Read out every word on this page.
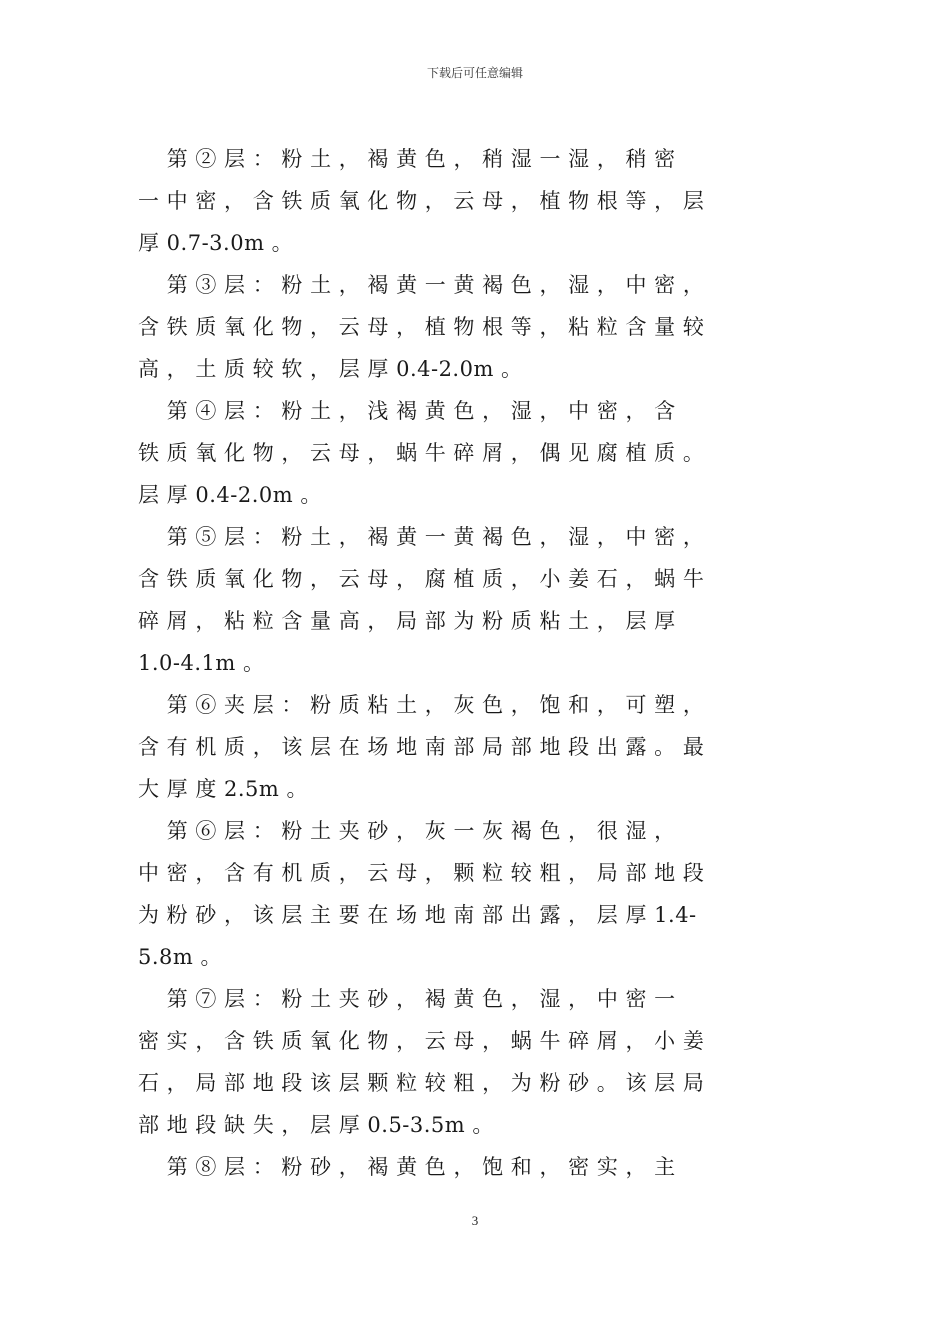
下载后可任意编辑
第 ② 层 ： 粉 土 ， 褐 黄 色 ， 稍 湿 一 湿 ， 稍 密
一 中 密 ， 含 铁 质 氧 化 物 ， 云 母 ， 植 物 根 等 ， 层
厚 0.7-3.0m 。
第 ③ 层 ： 粉 土 ， 褐 黄 一 黄 褐 色 ， 湿 ， 中 密 ，
含 铁 质 氧 化 物 ， 云 母 ， 植 物 根 等 ， 粘 粒 含 量 较
高 ， 土 质 较 软 ， 层 厚 0.4-2.0m 。
第 ④ 层 ： 粉 土 ， 浅 褐 黄 色 ， 湿 ， 中 密 ， 含
铁 质 氧 化 物 ， 云 母 ， 蜗 牛 碎 屑 ， 偶 见 腐 植 质 。
层 厚 0.4-2.0m 。
第 ⑤ 层 ： 粉 土 ， 褐 黄 一 黄 褐 色 ， 湿 ， 中 密 ，
含 铁 质 氧 化 物 ， 云 母 ， 腐 植 质 ， 小 姜 石 ， 蜗 牛
碎 屑 ， 粘 粒 含 量 高 ， 局 部 为 粉 质 粘 土 ， 层 厚
1.0-4.1m 。
第 ⑥ 夹 层 ： 粉 质 粘 土 ， 灰 色 ， 饱 和 ， 可 塑 ，
含 有 机 质 ， 该 层 在 场 地 南 部 局 部 地 段 出 露 。 最
大 厚 度 2.5m 。
第 ⑥ 层 ： 粉 土 夹 砂 ， 灰 一 灰 褐 色 ， 很 湿 ，
中 密 ， 含 有 机 质 ， 云 母 ， 颗 粒 较 粗 ， 局 部 地 段
为 粉 砂 ， 该 层 主 要 在 场 地 南 部 出 露 ， 层 厚 1.4-
5.8m 。
第 ⑦ 层 ： 粉 土 夹 砂 ， 褐 黄 色 ， 湿 ， 中 密 一
密 实 ， 含 铁 质 氧 化 物 ， 云 母 ， 蜗 牛 碎 屑 ， 小 姜
石 ， 局 部 地 段 该 层 颗 粒 较 粗 ， 为 粉 砂 。 该 层 局
部 地 段 缺 失 ， 层 厚 0.5-3.5m 。
第 ⑧ 层 ： 粉 砂 ， 褐 黄 色 ， 饱 和 ， 密 实 ， 主
3
